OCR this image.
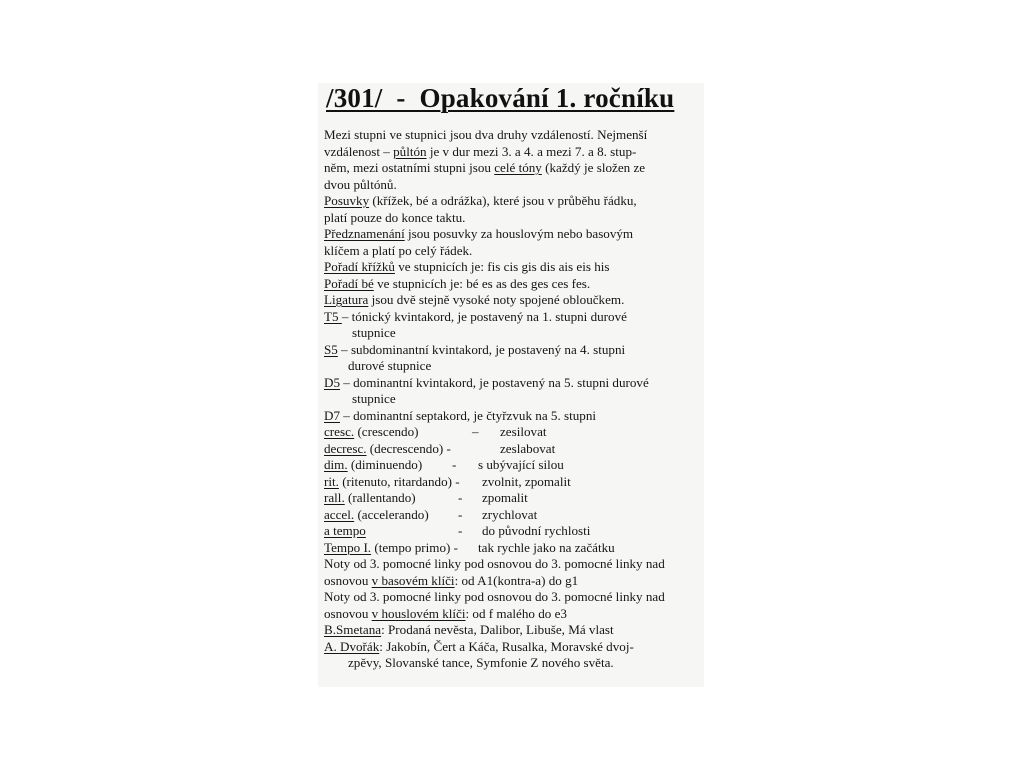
/301/  -  Opakování 1. ročníku
Mezi stupni ve stupnici jsou dva druhy vzdáleností. Nejmenší
vzdálenost – půltón je v dur mezi 3. a 4. a mezi 7. a 8. stup-
něm, mezi ostatními stupni jsou celé tóny (každý je složen ze
dvou půltónů.
Posuvky (křížek, bé a odrážka), které jsou v průběhu řádku,
platí pouze do konce taktu.
Předznamenání jsou posuvky za houslovým nebo basovým
klíčem a platí po celý řádek.
Pořadí křížků ve stupnicích je: fis cis gis dis ais eis his
Pořadí bé ve stupnicích je: bé es as des ges ces fes.
Ligatura jsou dvě stejně vysoké noty spojené obloučkem.
T5 – tónický kvintakord, je postavený na 1. stupni durové
stupnice
S5 – subdominantní kvintakord, je postavený na 4. stupni
durové stupnice
D5 – dominantní kvintakord, je postavený na 5. stupni durové
stupnice
D7 – dominantní septakord, je čtyřzvuk na 5. stupni
cresc. (crescendo)	– zesilovat
decresc. (decrescendo) -	zeslabovat
dim. (diminuendo) - s ubývající silou
rit. (ritenuto, ritardando) - zvolnit, zpomalit
rall. (rallentando)	- zpomalit
accel. (accelerando) - zrychlovat
a tempo	- do původní rychlosti
Tempo I. (tempo primo) - tak rychle jako na začátku
Noty od 3. pomocné linky pod osnovou do 3. pomocné linky nad
osnovou v basovém klíči: od A1(kontra-a) do g1
Noty od 3. pomocné linky pod osnovou do 3. pomocné linky nad
osnovou v houslovém klíči: od f malého do e3
B.Smetana: Prodaná nevěsta, Dalibor, Libuše, Má vlast
A. Dvořák: Jakobín, Čert a Káča, Rusalka, Moravské dvoj-
zpěvy, Slovanské tance, Symfonie Z nového světa.
